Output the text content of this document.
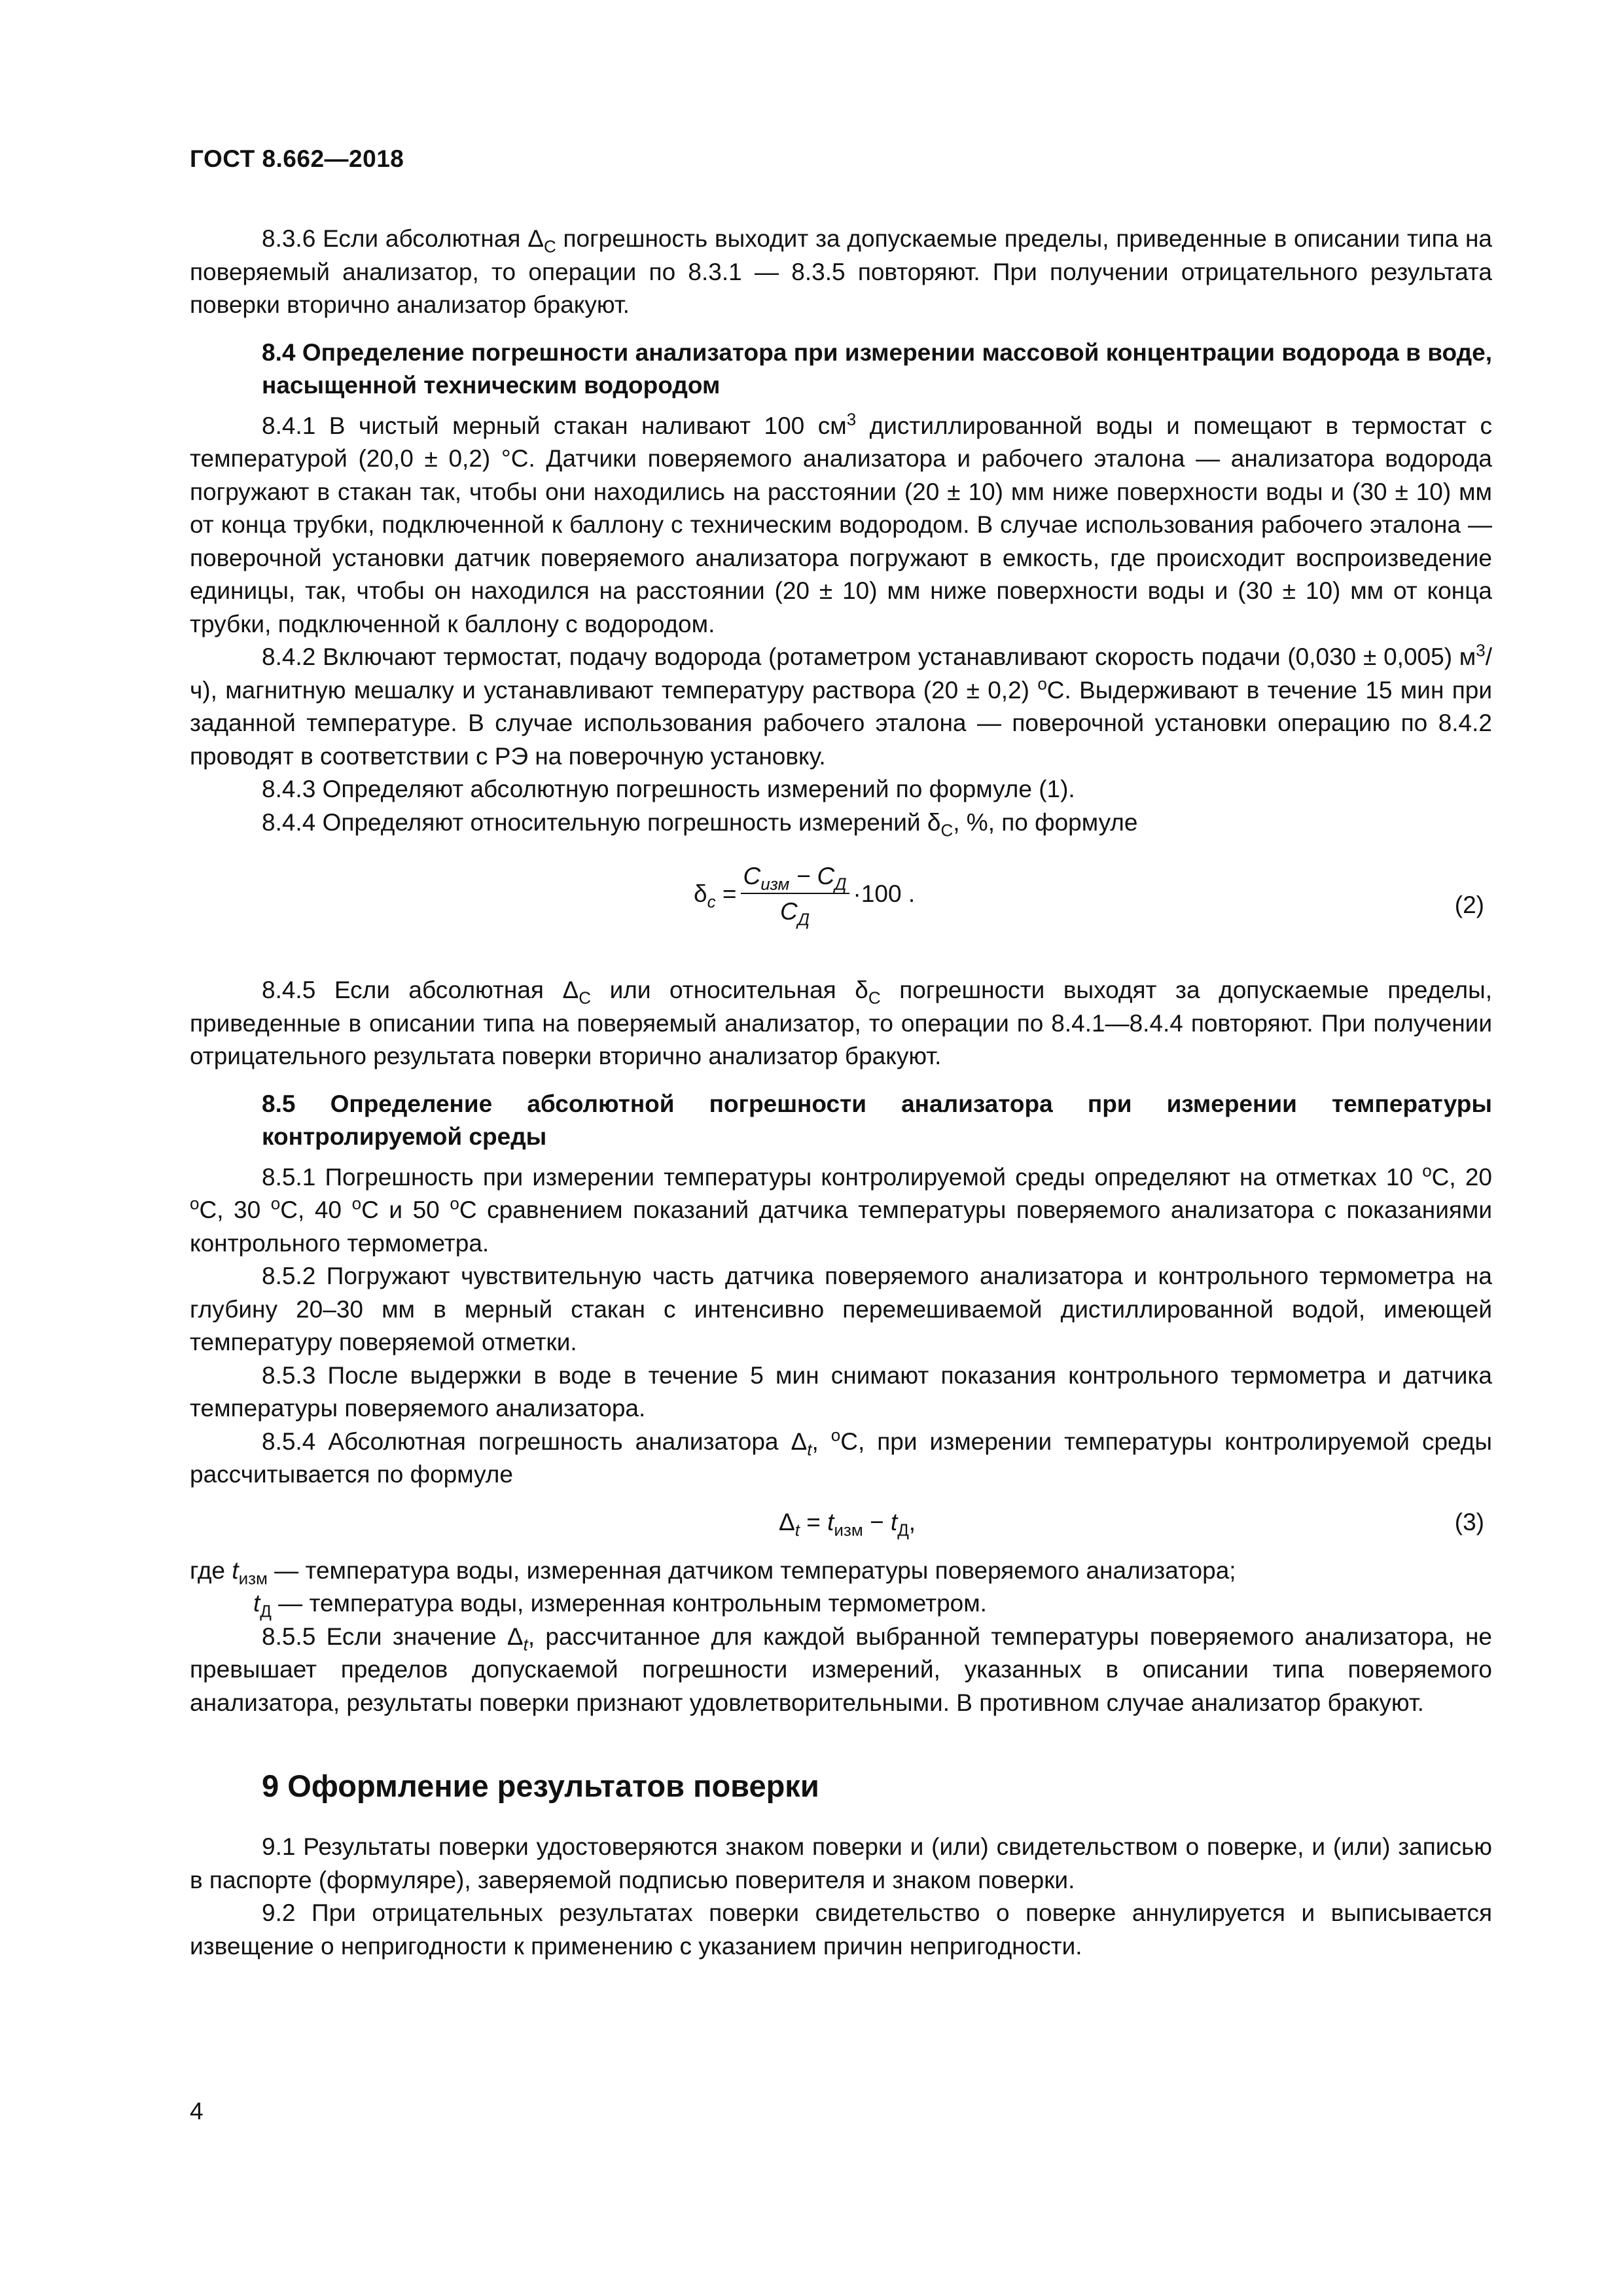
ГОСТ 8.662—2018

8.3.6 Если абсолютная $\Delta_С$ погрешность выходит за допускаемые пределы, приведенные в описании типа на поверяемый анализатор, то операции по 8.3.1 — 8.3.5 повторяют. При получении отрицательного результата поверки вторично анализатор бракуют.

8.4 Определение погрешности анализатора при измерении массовой концентрации водорода в воде, насыщенной техническим водородом

8.4.1 В чистый мерный стакан наливают 100 $см^3$ дистиллированной воды и помещают в термостат с температурой (20,0 ± 0,2) °С. Датчики поверяемого анализатора и рабочего эталона — анализатора водорода погружают в стакан так, чтобы они находились на расстоянии (20 ± 10) мм ниже поверхности воды и (30 ± 10) мм от конца трубки, подключенной к баллону с техническим водородом. В случае использования рабочего эталона — поверочной установки датчик поверяемого анализатора погружают в емкость, где происходит воспроизведение единицы, так, чтобы он находился на расстоянии (20 ± 10) мм ниже поверхности воды и (30 ± 10) мм от конца трубки, подключенной к баллону с водородом.

8.4.2 Включают термостат, подачу водорода (ротаметром устанавливают скорость подачи (0,030 ± 0,005) $м^3/ч$), магнитную мешалку и устанавливают температуру раствора (20 ± 0,2) $^о$С. Выдерживают в течение 15 мин при заданной температуре. В случае использования рабочего эталона — поверочной установки операцию по 8.4.2 проводят в соответствии с РЭ на поверочную установку.

8.4.3 Определяют абсолютную погрешность измерений по формуле (1).

8.4.4 Определяют относительную погрешность измерений $\delta_С$, %, по формуле

$\delta_с = \frac{C_{изм} - C_Д}{C_Д} \cdot 100$ .	(2)

8.4.5 Если абсолютная $\Delta_С$ или относительная $\delta_С$ погрешности выходят за допускаемые пределы, приведенные в описании типа на поверяемый анализатор, то операции по 8.4.1—8.4.4 повторяют. При получении отрицательного результата поверки вторично анализатор бракуют.

8.5 Определение абсолютной погрешности анализатора при измерении температуры контролируемой среды

8.5.1 Погрешность при измерении температуры контролируемой среды определяют на отметках 10 $^о$С, 20 $^о$С, 30 $^о$С, 40 $^о$С и 50 $^о$С сравнением показаний датчика температуры поверяемого анализатора с показаниями контрольного термометра.

8.5.2 Погружают чувствительную часть датчика поверяемого анализатора и контрольного термометра на глубину 20–30 мм в мерный стакан с интенсивно перемешиваемой дистиллированной водой, имеющей температуру поверяемой отметки.

8.5.3 После выдержки в воде в течение 5 мин снимают показания контрольного термометра и датчика температуры поверяемого анализатора.

8.5.4 Абсолютная погрешность анализатора $\Delta_t$, $^о$С, при измерении температуры контролируемой среды рассчитывается по формуле

$\Delta_t = t_{изм} - t_Д$,	(3)

где $t_{изм}$ — температура воды, измеренная датчиком температуры поверяемого анализатора;

$t_Д$ — температура воды, измеренная контрольным термометром.

8.5.5 Если значение $\Delta_t$, рассчитанное для каждой выбранной температуры поверяемого анализатора, не превышает пределов допускаемой погрешности измерений, указанных в описании типа поверяемого анализатора, результаты поверки признают удовлетворительными. В противном случае анализатор бракуют.

9 Оформление результатов поверки

9.1 Результаты поверки удостоверяются знаком поверки и (или) свидетельством о поверке, и (или) записью в паспорте (формуляре), заверяемой подписью поверителя и знаком поверки.

9.2 При отрицательных результатах поверки свидетельство о поверке аннулируется и выписывается извещение о непригодности к применению с указанием причин непригодности.

4
